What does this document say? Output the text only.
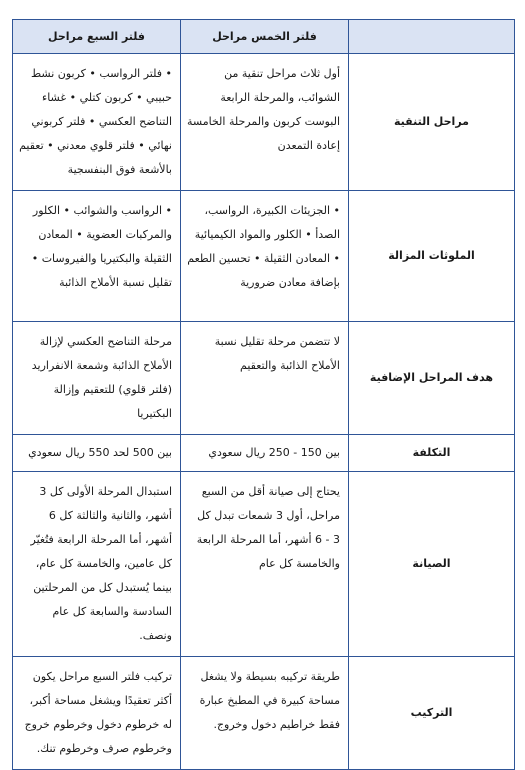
	فلتر الخمس مراحل	فلتر السبع مراحل
مراحل التنقية	أول ثلاث مراحل تنقية من الشوائب، والمرحلة الرابعة البوست كربون والمرحلة الخامسة إعادة التمعدن	• فلتر الرواسب • كربون نشط حبيبي • كربون كتلي • غشاء التناضح العكسي • فلتر كربوني نهائي • فلتر قلوي معدني • تعقيم بالأشعة فوق البنفسجية
الملوثات المزالة	• الجزيئات الكبيرة، الرواسب، الصدأ • الكلور والمواد الكيميائية • المعادن الثقيلة • تحسين الطعم بإضافة معادن ضرورية	• الرواسب والشوائب • الكلور والمركبات العضوية • المعادن الثقيلة والبكتيريا والفيروسات • تقليل نسبة الأملاح الذائبة
هدف المراحل الإضافية	لا تتضمن مرحلة تقليل نسبة الأملاح الذائبة والتعقيم	مرحلة التناضح العكسي لإزالة الأملاح الذائبة وشمعة الانفراريد (فلتر قلوي) للتعقيم وإزالة البكتيريا
التكلفة	بين 150 - 250 ريال سعودي	بين 500 لحد 550 ريال سعودي
الصيانة	يحتاج إلى صيانة أقل من السبع مراحل، أول 3 شمعات تبدل كل 3 - 6 أشهر، أما المرحلة الرابعة والخامسة كل عام	استبدال المرحلة الأولى كل 3 أشهر، والثانية والثالثة كل 6 أشهر، أما المرحلة الرابعة فتُغيّر كل عامين، والخامسة كل عام، بينما يُستبدل كل من المرحلتين السادسة والسابعة كل عام ونصف.
التركيب	طريقة تركيبه بسيطة ولا يشغل مساحة كبيرة في المطبخ عبارة فقط خراطيم دخول وخروج.	تركيب فلتر السبع مراحل يكون أكثر تعقيدًا ويشغل مساحة أكبر، له خرطوم دخول وخرطوم خروج وخرطوم صرف وخرطوم تنك.
